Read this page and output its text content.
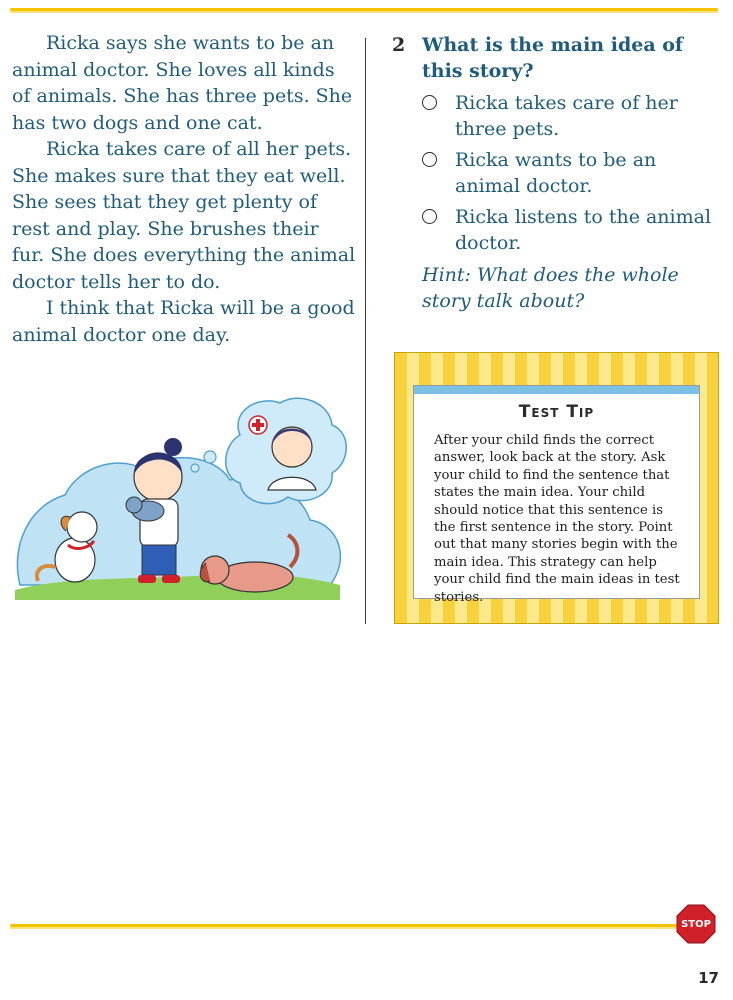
Ricka says she wants to be an animal doctor. She loves all kinds of animals. She has three pets. She has two dogs and one cat.

Ricka takes care of all her pets. She makes sure that they eat well. She sees that they get plenty of rest and play. She brushes their fur. She does everything the animal doctor tells her to do.

I think that Ricka will be a good animal doctor one day.

2 What is the main idea of this story?
Ricka takes care of her three pets.
Ricka wants to be an animal doctor.
Ricka listens to the animal doctor.
Hint: What does the whole story talk about?
Test Tip
After your child finds the correct answer, look back at the story. Ask your child to find the sentence that states the main idea. Your child should notice that this sentence is the first sentence in the story. Point out that many stories begin with the main idea. This strategy can help your child find the main ideas in test stories.
STOP
17
